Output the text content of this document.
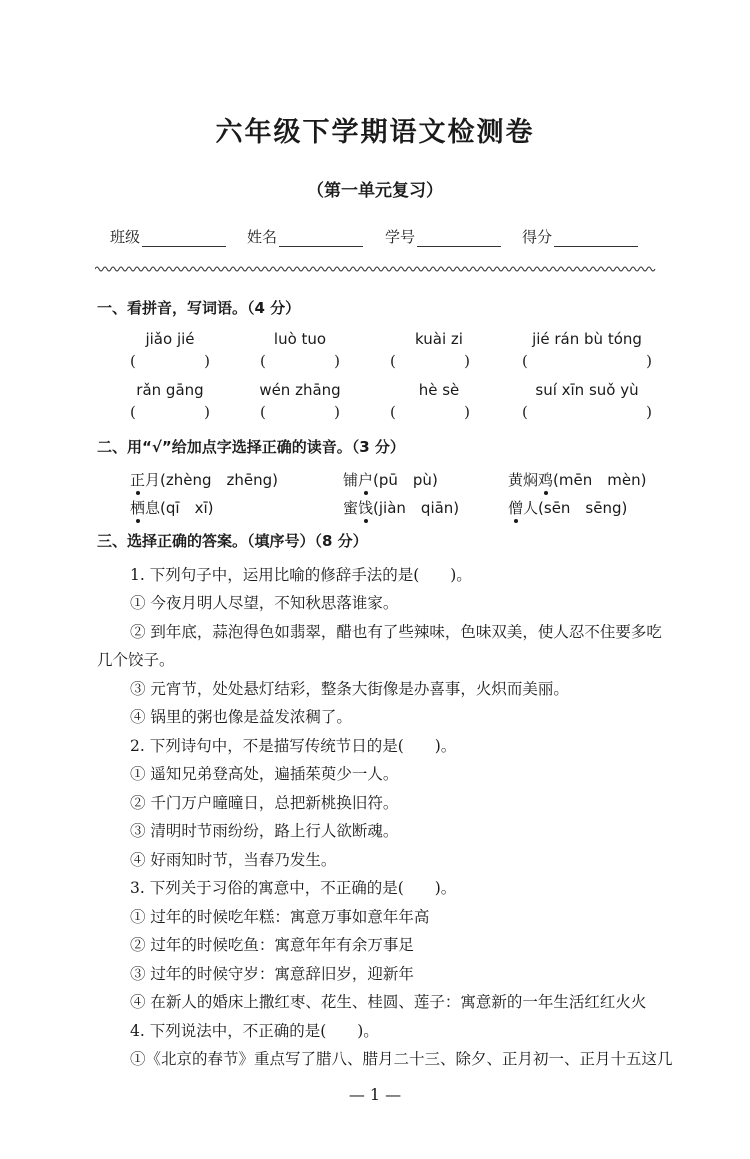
六年级下学期语文检测卷
（第一单元复习）
班级	姓名	学号	得分
一、看拼音，写词语。（4 分）
jiǎo jié	luò tuo	kuài zi	jié rán bù tóng
(	)	(	)	(	)	(	)
rǎn gāng	wén zhāng	hè sè	suí xīn suǒ yù
(	)	(	)	(	)	(	)
二、用“√”给加点字选择正确的读音。（3 分）
正月(zhèng　zhēng)	铺户(pū　pù)	黄焖鸡(mēn　mèn)
栖息(qī　xī)	蜜饯(jiàn　qiān)	僧人(sēn　sēng)
三、选择正确的答案。（填序号）（8 分）
1. 下列句子中，运用比喻的修辞手法的是(　　)。
① 今夜月明人尽望，不知秋思落谁家。
② 到年底，蒜泡得色如翡翠，醋也有了些辣味，色味双美，使人忍不住要多吃
几个饺子。
③ 元宵节，处处悬灯结彩，整条大街像是办喜事，火炽而美丽。
④ 锅里的粥也像是益发浓稠了。
2. 下列诗句中，不是描写传统节日的是(　　)。
① 遥知兄弟登高处，遍插茱萸少一人。
② 千门万户曈曈日，总把新桃换旧符。
③ 清明时节雨纷纷，路上行人欲断魂。
④ 好雨知时节，当春乃发生。
3. 下列关于习俗的寓意中，不正确的是(　　)。
① 过年的时候吃年糕：寓意万事如意年年高
② 过年的时候吃鱼：寓意年年有余万事足
③ 过年的时候守岁：寓意辞旧岁，迎新年
④ 在新人的婚床上撒红枣、花生、桂圆、莲子：寓意新的一年生活红红火火
4. 下列说法中，不正确的是(　　)。
①《北京的春节》重点写了腊八、腊月二十三、除夕、正月初一、正月十五这几
— 1 —
